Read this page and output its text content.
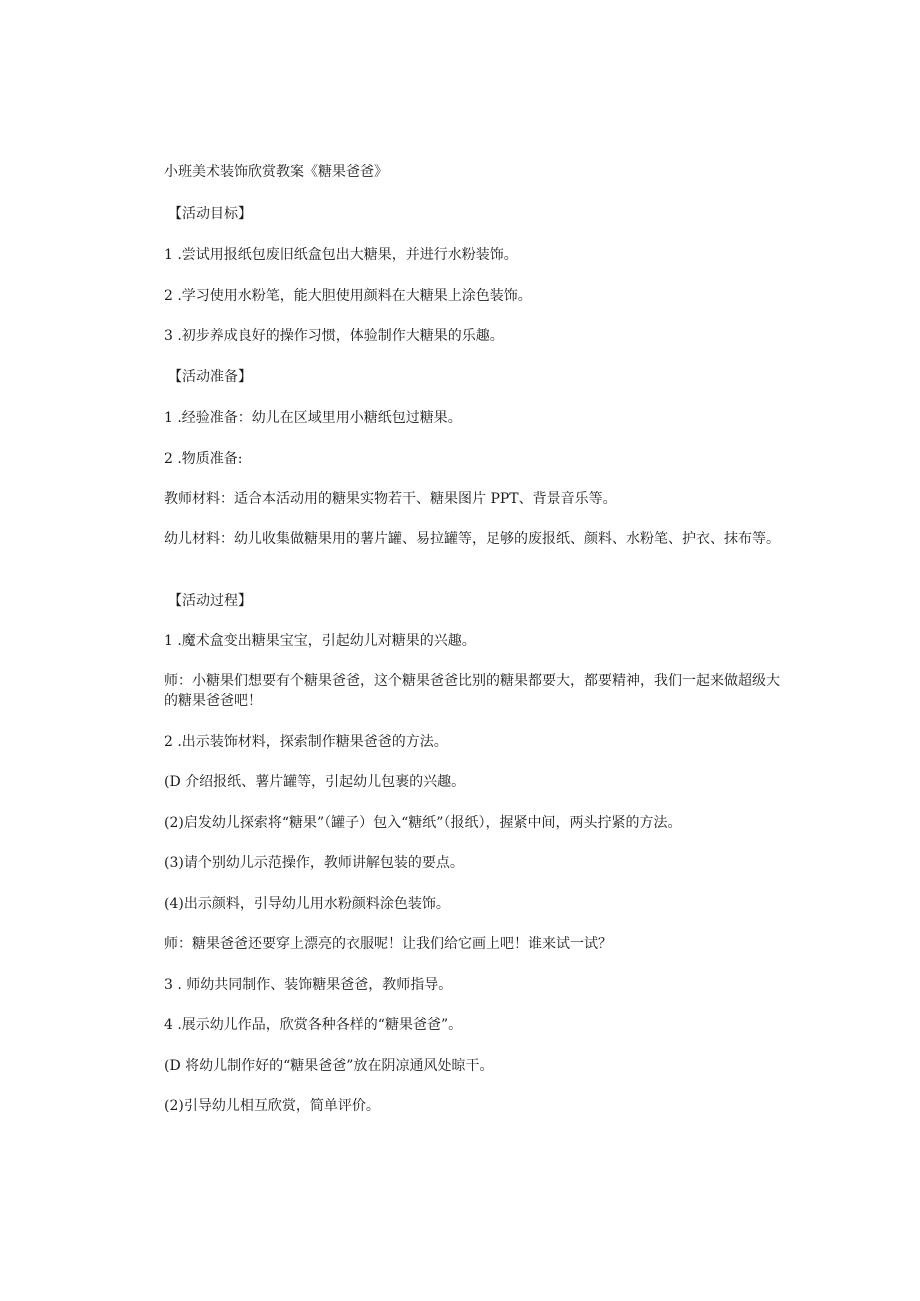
小班美术装饰欣赏教案《糖果爸爸》
【活动目标】
1 .尝试用报纸包废旧纸盒包出大糖果，并进行水粉装饰。
2 .学习使用水粉笔，能大胆使用颜料在大糖果上涂色装饰。
3 .初步养成良好的操作习惯，体验制作大糖果的乐趣。
【活动准备】
1 .经验准备：幼儿在区域里用小糖纸包过糖果。
2 .物质准备:
教师材料：适合本活动用的糖果实物若干、糖果图片 PPT、背景音乐等。
幼儿材料：幼儿收集做糖果用的薯片罐、易拉罐等，足够的废报纸、颜料、水粉笔、护衣、抹布等。
【活动过程】
1 .魔术盒变出糖果宝宝，引起幼儿对糖果的兴趣。
师：小糖果们想要有个糖果爸爸，这个糖果爸爸比别的糖果都要大，都要精神，我们一起来做超级大的糖果爸爸吧！
2 .出示装饰材料，探索制作糖果爸爸的方法。
(D 介绍报纸、薯片罐等，引起幼儿包裹的兴趣。
(2)启发幼儿探索将“糖果”（罐子）包入“糖纸”（报纸），握紧中间，两头拧紧的方法。
(3)请个别幼儿示范操作，教师讲解包装的要点。
(4)出示颜料，引导幼儿用水粉颜料涂色装饰。
师：糖果爸爸还要穿上漂亮的衣服呢！让我们给它画上吧！谁来试一试？
3 . 师幼共同制作、装饰糖果爸爸，教师指导。
4 .展示幼儿作品，欣赏各种各样的“糖果爸爸”。
(D 将幼儿制作好的“糖果爸爸”放在阴凉通风处晾干。
(2)引导幼儿相互欣赏，简单评价。
